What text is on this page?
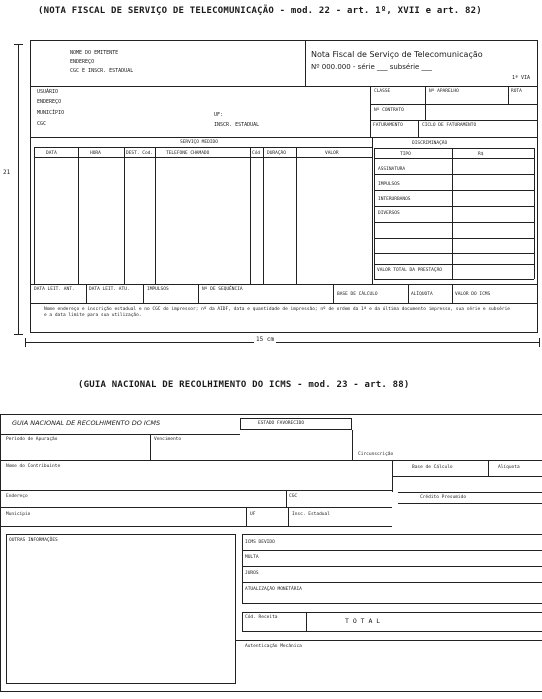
(NOTA FISCAL DE SERVIÇO DE TELECOMUNICAÇÃO - mod. 22 - art. 1º, XVII e art. 82)
21
15 cm
NOME DO EMITENTE
ENDEREÇO
CGC E INSCR. ESTADUAL
Nota Fiscal de Serviço de Telecomunicação
Nº 000.000 - série ___ subsérie ___
1ª VIA
USUÁRIO
ENDEREÇO
MUNICÍPIO
CGC
UF:
INSCR. ESTADUAL
CLASSE	Nº APARELHO	ROTA
Nº CONTRATO
FATURAMENTO	CICLO DE FATURAMENTO
SERVIÇO MEDIDO
DATA	HORA	DEST. Cod.	TELEFONE CHAMADO	Cód DURAÇÃO	VALOR
DISCRIMINAÇÃO
TIPO	R$
ASSINATURA
IMPULSOS
INTERURBANOS
DIVERSOS
VALOR TOTAL DA PRESTAÇÃO
DATA LEIT. ANT.	DATA LEIT. ATU.	IMPULSOS	Nº DE SEQUÊNCIA
BASE DE CÁLCULO	ALÍQUOTA	VALOR DO ICMS
Nome endereço e inscrição estadual e no CGC do impressor; nº da AIDF, data e quantidade de impressão; nº de ordem da 1ª e da última documento impresso, sua série e subsérie e a data limite para sua utilização.
(GUIA NACIONAL DE RECOLHIMENTO DO ICMS - mod. 23 - art. 88)
GUIA NACIONAL DE RECOLHIMENTO DO ICMS	ESTADO FAVORECIDO
Circunscrição
Período de Apuração	Vencimento
Nome do Contribuinte	Base de Cálculo	Alíquota
Crédito Presumido
Endereço	CGC
Município	UF	Insc. Estadual
OUTRAS INFORMAÇÕES	ICMS DEVIDO
MULTA
JUROS
ATUALIZAÇÃO MONETÁRIA
Cód. Receita	T O T A L
Autenticação Mecânica
